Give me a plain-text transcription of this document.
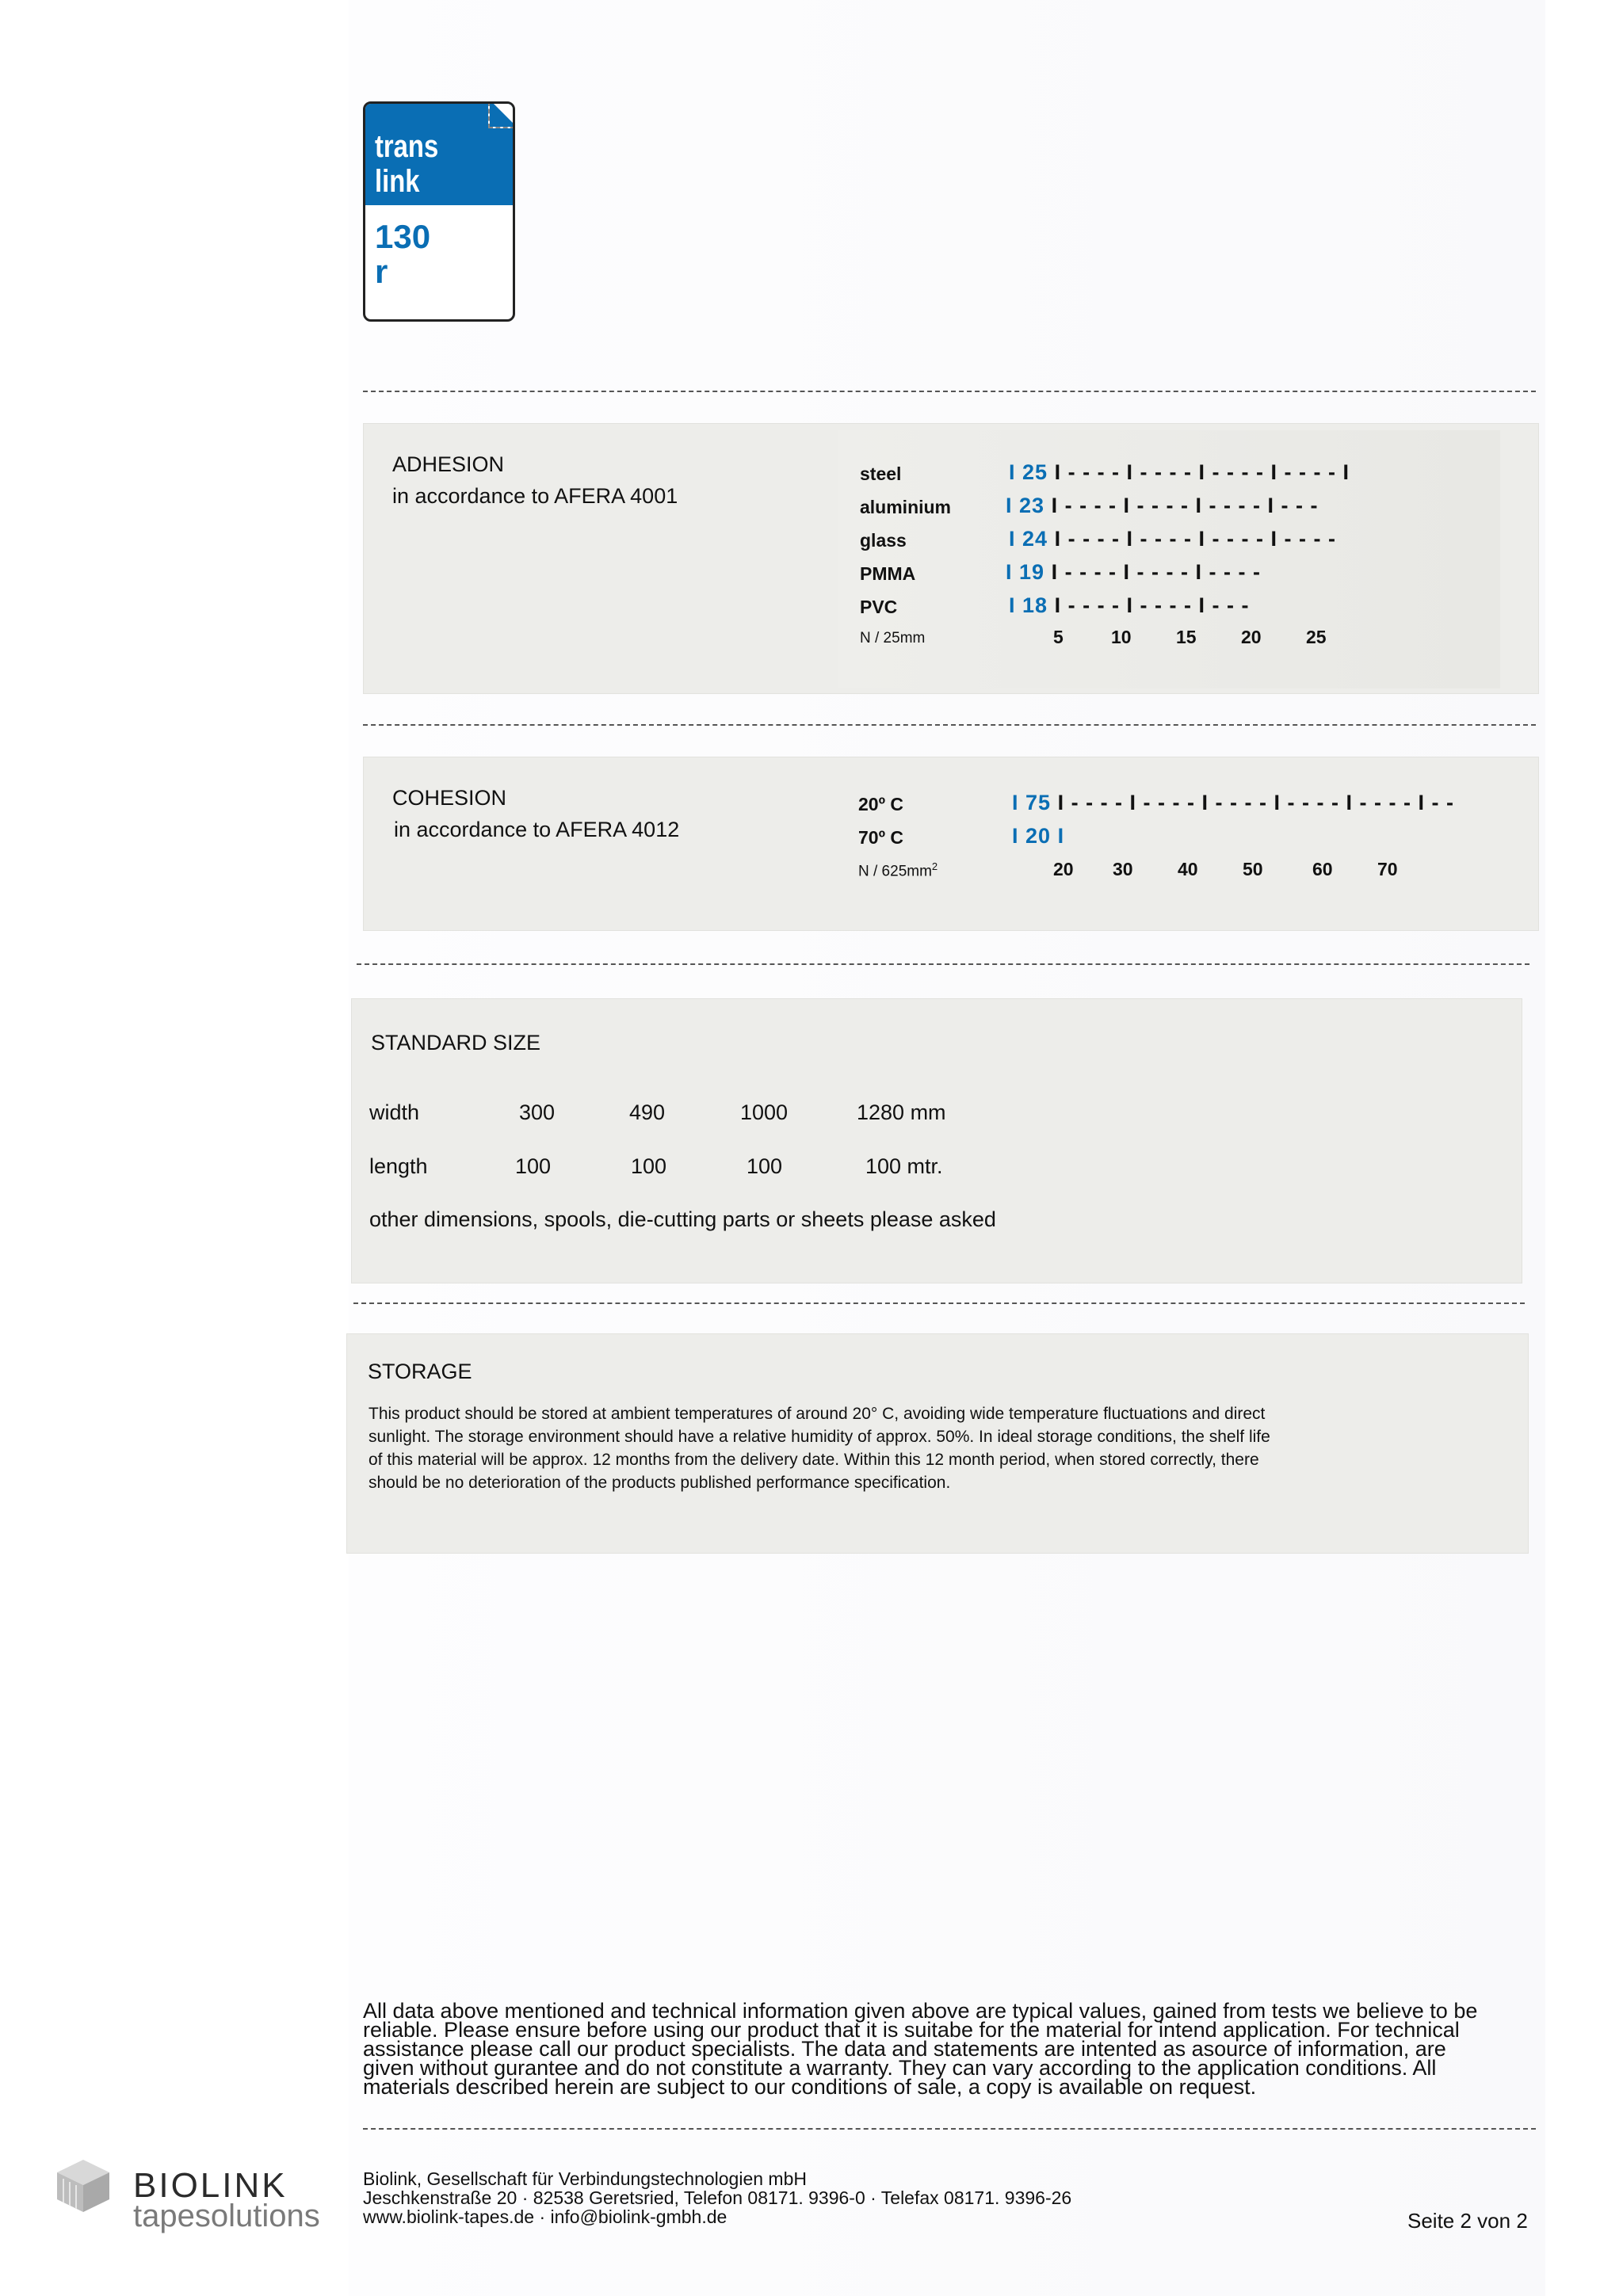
trans
link
130
r
ADHESION
in accordance to AFERA 4001
steel	I 25 I - - - - I - - - - I - - - - I - - - - I
aluminium	I 23 I - - - - I - - - - I - - - - I - - -
glass	I 24 I - - - - I - - - - I - - - - I - - - -
PMMA	I 19 I - - - - I - - - - I - - - -
PVC	I 18 I - - - - I - - - - I - - -
N / 25mm	5	10 15 20 25
COHESION
in accordance to AFERA 4012
20º C	I 75 I - - - - I - - - - I - - - - I - - - - I - - - - I - -
70º C	I 20 I
N / $625mm^2$	20 30 40 50	60 70
STANDARD SIZE
width	300	490	1000	1280 mm
length	100	100	100	100 mtr.
other dimensions, spools, die-cutting parts or sheets please asked
STORAGE
This product should be stored at ambient temperatures of around 20° C, avoiding wide temperature fluctuations and direct
sunlight. The storage environment should have a relative humidity of approx. 50%. In ideal storage conditions, the shelf life
of this material will be approx. 12 months from the delivery date. Within this 12 month period, when stored correctly, there
should be no deterioration of the products published performance specification.
All data above mentioned and technical information given above are typical values, gained from tests we believe to be
reliable. Please ensure before using our product that it is suitabe for the material for intend application. For technical
assistance please call our product specialists. The data and statements are intented as asource of information, are
given without gurantee and do not constitute a warranty. They can vary according to the application conditions. All
materials described herein are subject to our conditions of sale, a copy is available on request.
BIOLINK
tapesolutions
Biolink, Gesellschaft für Verbindungstechnologien mbH
Jeschkenstraße 20 · 82538 Geretsried, Telefon 08171. 9396-0 · Telefax 08171. 9396-26
www.biolink-tapes.de · info@biolink-gmbh.de	Seite 2 von 2
